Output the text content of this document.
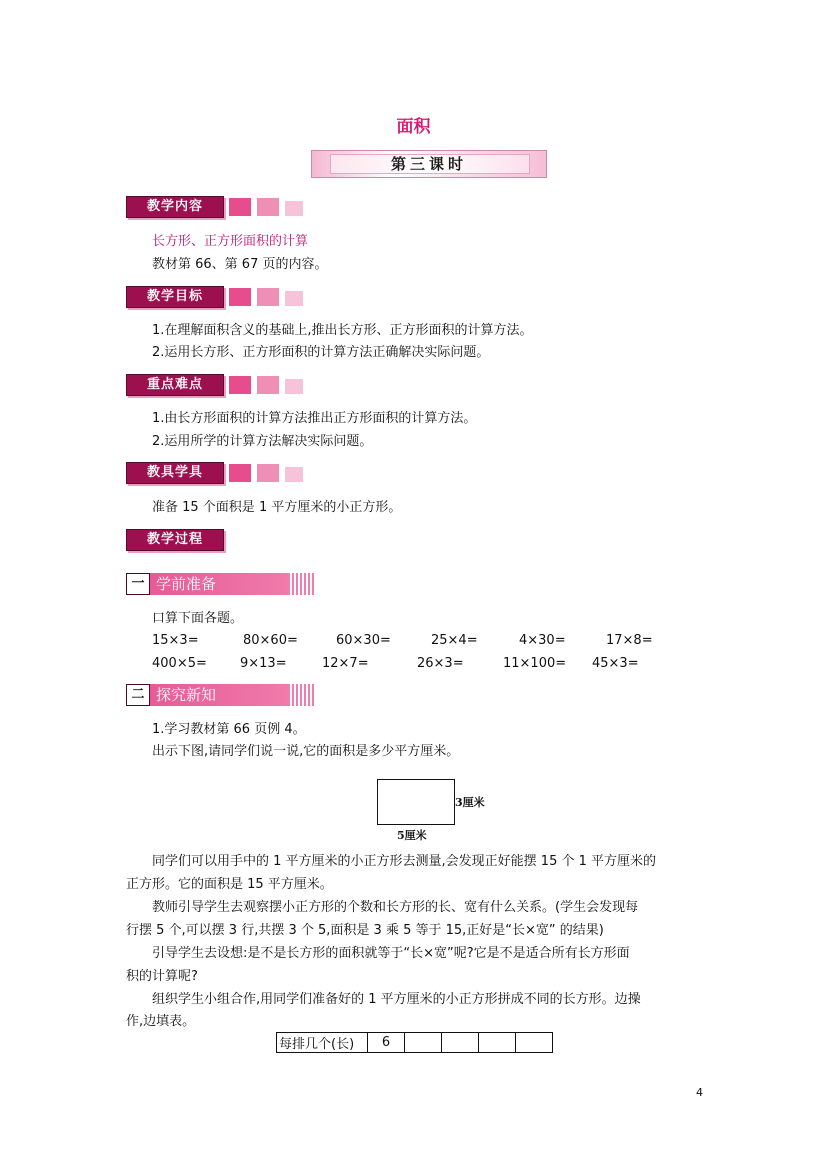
面积
第三课时
教学内容
长方形、正方形面积的计算
教材第 66、第 67 页的内容。
教学目标
1.在理解面积含义的基础上,推出长方形、正方形面积的计算方法。
2.运用长方形、正方形面积的计算方法正确解决实际问题。
重点难点
1.由长方形面积的计算方法推出正方形面积的计算方法。
2.运用所学的计算方法解决实际问题。
教具学具
准备 15 个面积是 1 平方厘米的小正方形。
教学过程
一 学前准备
口算下面各题。
15×3=	80×60=	60×30=	25×4=	4×30=	17×8=
400×5=	9×13=	12×7=	26×3=	11×100= 45×3=
二 探究新知
1.学习教材第 66 页例 4。
出示下图,请同学们说一说,它的面积是多少平方厘米。
3厘米
5厘米
同学们可以用手中的 1 平方厘米的小正方形去测量,会发现正好能摆 15 个 1 平方厘米的
正方形。它的面积是 15 平方厘米。
教师引导学生去观察摆小正方形的个数和长方形的长、宽有什么关系。(学生会发现每
行摆 5 个,可以摆 3 行,共摆 3 个 5,面积是 3 乘 5 等于 15,正好是“长×宽” 的结果)
引导学生去设想:是不是长方形的面积就等于“长×宽”呢?它是不是适合所有长方形面
积的计算呢?
组织学生小组合作,用同学们准备好的 1 平方厘米的小正方形拼成不同的长方形。边操
作,边填表。
每排几个(长)	6				
4
